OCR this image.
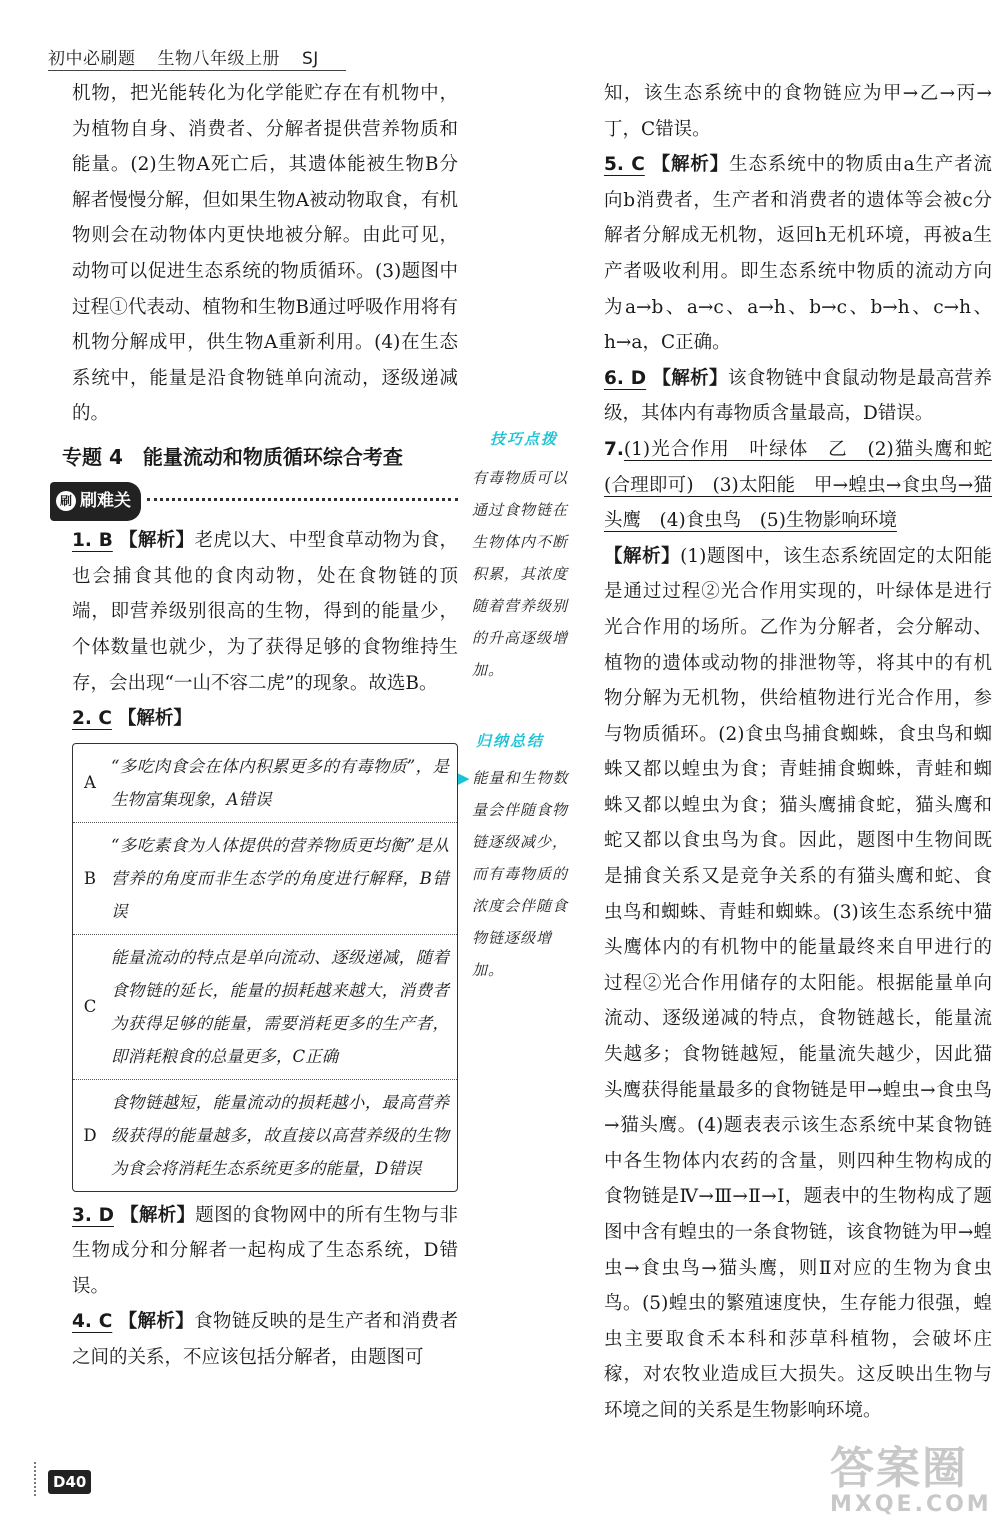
初中必刷题 生物八年级上册 SJ

机物，把光能转化为化学能贮存在有机物中，为植物自身、消费者、分解者提供营养物质和能量。(2)生物A死亡后，其遗体能被生物B分解者慢慢分解，但如果生物A被动物取食，有机物则会在动物体内更快地被分解。由此可见，动物可以促进生态系统的物质循环。(3)题图中过程①代表动、植物和生物B通过呼吸作用将有机物分解成甲，供生物A重新利用。(4)在生态系统中，能量是沿食物链单向流动，逐级递减的。

专题 4　能量流动和物质循环综合考查
刷 刷难关

1. B 【解析】老虎以大、中型食草动物为食，也会捕食其他的食肉动物，处在食物链的顶端，即营养级别很高的生物，得到的能量少，个体数量也就少，为了获得足够的食物维持生存，会出现“一山不容二虎”的现象。故选B。

2. C 【解析】

A
“多吃肉食会在体内积累更多的有毒物质”，是生物富集现象，A错误
B
“多吃素食为人体提供的营养物质更均衡”是从营养的角度而非生态学的角度进行解释，B错误
C
能量流动的特点是单向流动、逐级递减，随着食物链的延长，能量的损耗越来越大，消费者为获得足够的能量，需要消耗更多的生产者，即消耗粮食的总量更多，C正确
D
食物链越短，能量流动的损耗越小，最高营养级获得的能量越多，故直接以高营养级的生物为食会将消耗生态系统更多的能量，D错误

3. D 【解析】题图的食物网中的所有生物与非生物成分和分解者一起构成了生态系统，D错误。

4. C 【解析】食物链反映的是生产者和消费者之间的关系，不应该包括分解者，由题图可

技巧点拨
有毒物质可以通过食物链在生物体内不断积累，其浓度随着营养级别的升高逐级增加。
归纳总结
▶ 能量和生物数量会伴随食物链逐级减少，而有毒物质的浓度会伴随食物链逐级增加。

知，该生态系统中的食物链应为甲→乙→丙→丁，C错误。

5. C 【解析】生态系统中的物质由a生产者流向b消费者，生产者和消费者的遗体等会被c分解者分解成无机物，返回h无机环境，再被a生产者吸收利用。即生态系统中物质的流动方向为a→b、a→c、a→h、b→c、b→h、c→h、h→a，C正确。

6. D 【解析】该食物链中食鼠动物是最高营养级，其体内有毒物质含量最高，D错误。

7.(1)光合作用　叶绿体　乙　(2)猫头鹰和蛇(合理即可)　(3)太阳能　甲→蝗虫→食虫鸟→猫头鹰　(4)食虫鸟　(5)生物影响环境

【解析】(1)题图中，该生态系统固定的太阳能是通过过程②光合作用实现的，叶绿体是进行光合作用的场所。乙作为分解者，会分解动、植物的遗体或动物的排泄物等，将其中的有机物分解为无机物，供给植物进行光合作用，参与物质循环。(2)食虫鸟捕食蜘蛛，食虫鸟和蜘蛛又都以蝗虫为食；青蛙捕食蜘蛛，青蛙和蜘蛛又都以蝗虫为食；猫头鹰捕食蛇，猫头鹰和蛇又都以食虫鸟为食。因此，题图中生物间既是捕食关系又是竞争关系的有猫头鹰和蛇、食虫鸟和蜘蛛、青蛙和蜘蛛。(3)该生态系统中猫头鹰体内的有机物中的能量最终来自甲进行的过程②光合作用储存的太阳能。根据能量单向流动、逐级递减的特点，食物链越长，能量流失越多；食物链越短，能量流失越少，因此猫头鹰获得能量最多的食物链是甲→蝗虫→食虫鸟→猫头鹰。(4)题表表示该生态系统中某食物链中各生物体内农药的含量，则四种生物构成的食物链是Ⅳ→Ⅲ→Ⅱ→Ⅰ，题表中的生物构成了题图中含有蝗虫的一条食物链，该食物链为甲→蝗虫→食虫鸟→猫头鹰，则Ⅱ对应的生物为食虫鸟。(5)蝗虫的繁殖速度快，生存能力很强，蝗虫主要取食禾本科和莎草科植物，会破坏庄稼，对农牧业造成巨大损失。这反映出生物与环境之间的关系是生物影响环境。

D40	答案圈
MXQE.COM
